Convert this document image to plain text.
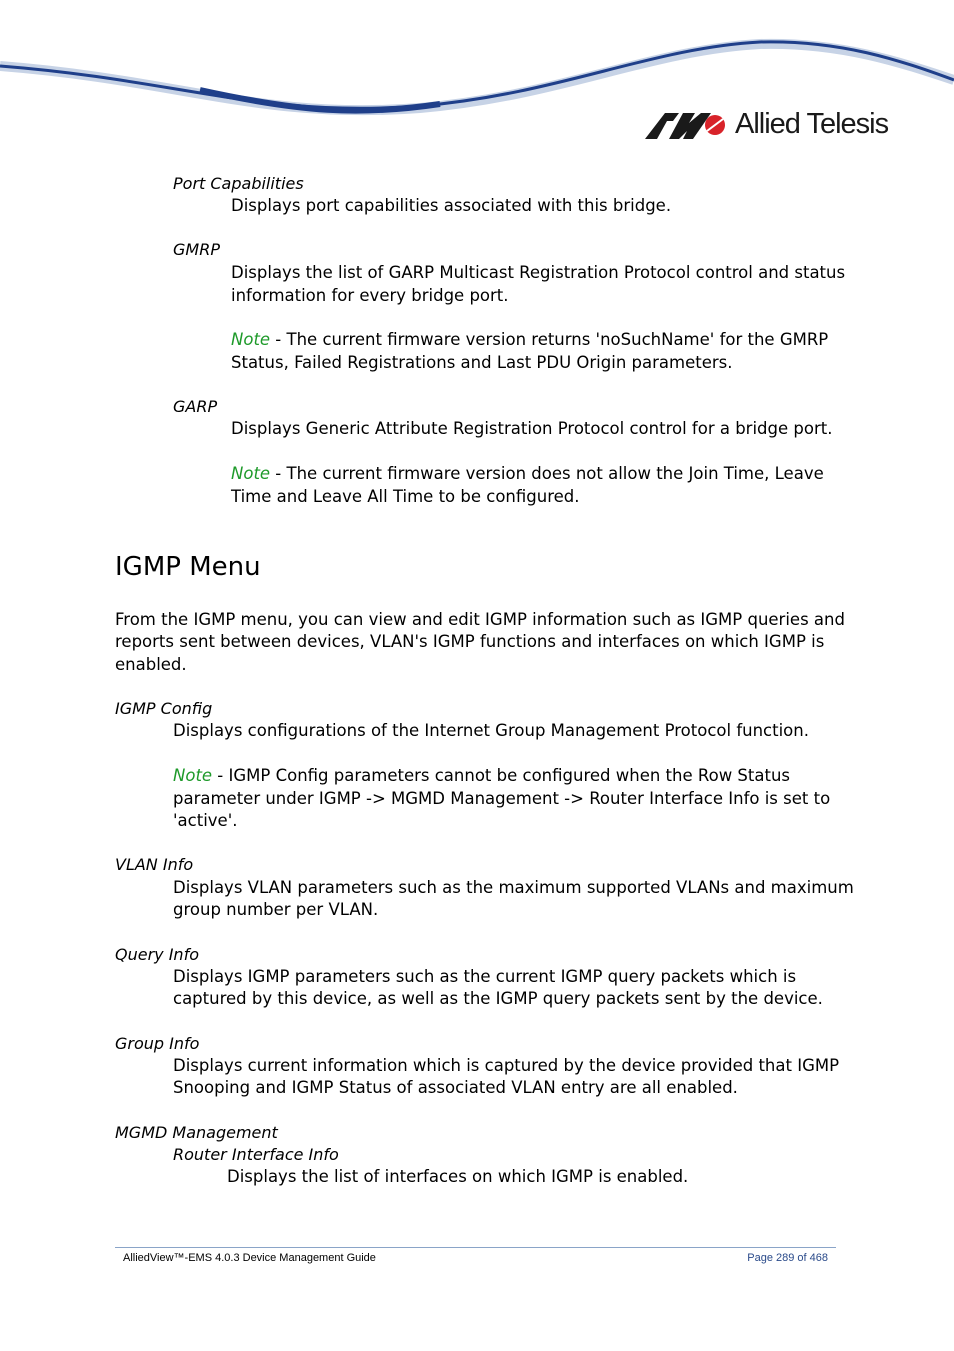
Allied Telesis
Port Capabilities
Displays port capabilities associated with this bridge.
GMRP
Displays the list of GARP Multicast Registration Protocol control and status
information for every bridge port.
Note - The current firmware version returns 'noSuchName' for the GMRP
Status, Failed Registrations and Last PDU Origin parameters.
GARP
Displays Generic Attribute Registration Protocol control for a bridge port.
Note - The current firmware version does not allow the Join Time, Leave
Time and Leave All Time to be configured.
IGMP Menu
From the IGMP menu, you can view and edit IGMP information such as IGMP queries and
reports sent between devices, VLAN's IGMP functions and interfaces on which IGMP is
enabled.
IGMP Config
Displays configurations of the Internet Group Management Protocol function.
Note - IGMP Config parameters cannot be configured when the Row Status
parameter under IGMP -> MGMD Management -> Router Interface Info is set to
'active'.
VLAN Info
Displays VLAN parameters such as the maximum supported VLANs and maximum
group number per VLAN.
Query Info
Displays IGMP parameters such as the current IGMP query packets which is
captured by this device, as well as the IGMP query packets sent by the device.
Group Info
Displays current information which is captured by the device provided that IGMP
Snooping and IGMP Status of associated VLAN entry are all enabled.
MGMD Management
Router Interface Info
Displays the list of interfaces on which IGMP is enabled.
AlliedView™-EMS 4.0.3 Device Management Guide	Page 289 of 468
